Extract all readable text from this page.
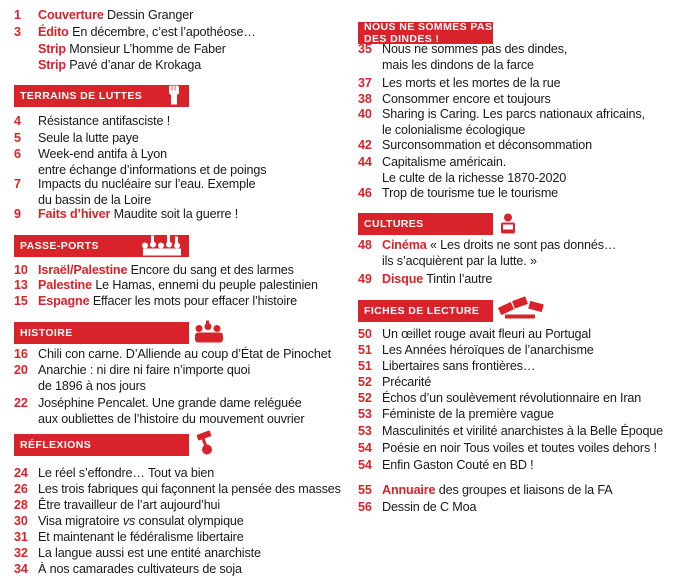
1	Couverture Dessin Granger
3	Édito En décembre, c’est l’apothéose…
Strip Monsieur L’homme de Faber
Strip Pavé d’anar de Krokaga
TERRAINS DE LUTTES
4	Résistance antifasciste !
5	Seule la lutte paye
6	Week-end antifa à Lyon
entre échange d’informations et de poings
7	Impacts du nucléaire sur l’eau. Exemple
du bassin de la Loire
9	Faits d’hiver Maudite soit la guerre !
PASSE-PORTS
10 Israël/Palestine Encore du sang et des larmes
13 Palestine Le Hamas, ennemi du peuple palestinien
15 Espagne Effacer les mots pour effacer l’histoire
HISTOIRE
16 Chili con carne. D’Alliende au coup d’État de Pinochet
20 Anarchie : ni dire ni faire n’importe quoi
de 1896 à nos jours
22 Joséphine Pencalet. Une grande dame reléguée
aux oubliettes de l’histoire du mouvement ouvrier
RÉFLEXIONS
24 Le réel s’effondre… Tout va bien
26 Les trois fabriques qui façonnent la pensée des masses
28 Être travailleur de l’art aujourd’hui
30 Visa migratoire vs consulat olympique
31 Et maintenant le fédéralisme libertaire
32 La langue aussi est une entité anarchiste
34 À nos camarades cultivateurs de soja
NOUS NE SOMMES PAS DES DINDES !
35 Nous ne sommes pas des dindes,
mais les dindons de la farce
37 Les morts et les mortes de la rue
38 Consommer encore et toujours
40 Sharing is Caring. Les parcs nationaux africains,
le colonialisme écologique
42 Surconsommation et déconsommation
44 Capitalisme américain.
Le culte de la richesse 1870-2020
46 Trop de tourisme tue le tourisme
CULTURES
48 Cinéma « Les droits ne sont pas donnés…
ils s’acquièrent par la lutte. »
49 Disque Tintin l’autre
FICHES DE LECTURE
50 Un œillet rouge avait fleuri au Portugal
51 Les Années héroïques de l’anarchisme
51 Libertaires sans frontières…
52 Précarité
52 Échos d’un soulèvement révolutionnaire en Iran
53 Féministe de la première vague
53 Masculinités et virilité anarchistes à la Belle Époque
54 Poésie en noir Tous voiles et toutes voiles dehors !
54 Enfin Gaston Couté en BD !
55 Annuaire des groupes et liaisons de la FA
56 Dessin de C Moa
